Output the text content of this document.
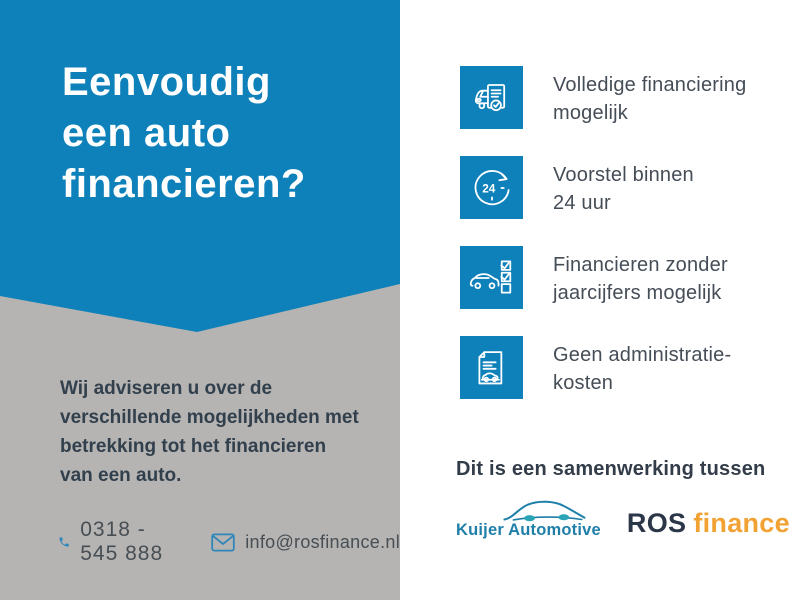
Eenvoudig
een auto
financieren?
Wij adviseren u over de
verschillende mogelijkheden met
betrekking tot het financieren
van een auto.
0318 - 545 888
info@rosfinance.nl
Volledige financiering
mogelijk
24
Voorstel binnen
24 uur
Financieren zonder
jaarcijfers mogelijk
Geen administratie-
kosten
Dit is een samenwerking tussen
Kuijer Automotive ROS finance
